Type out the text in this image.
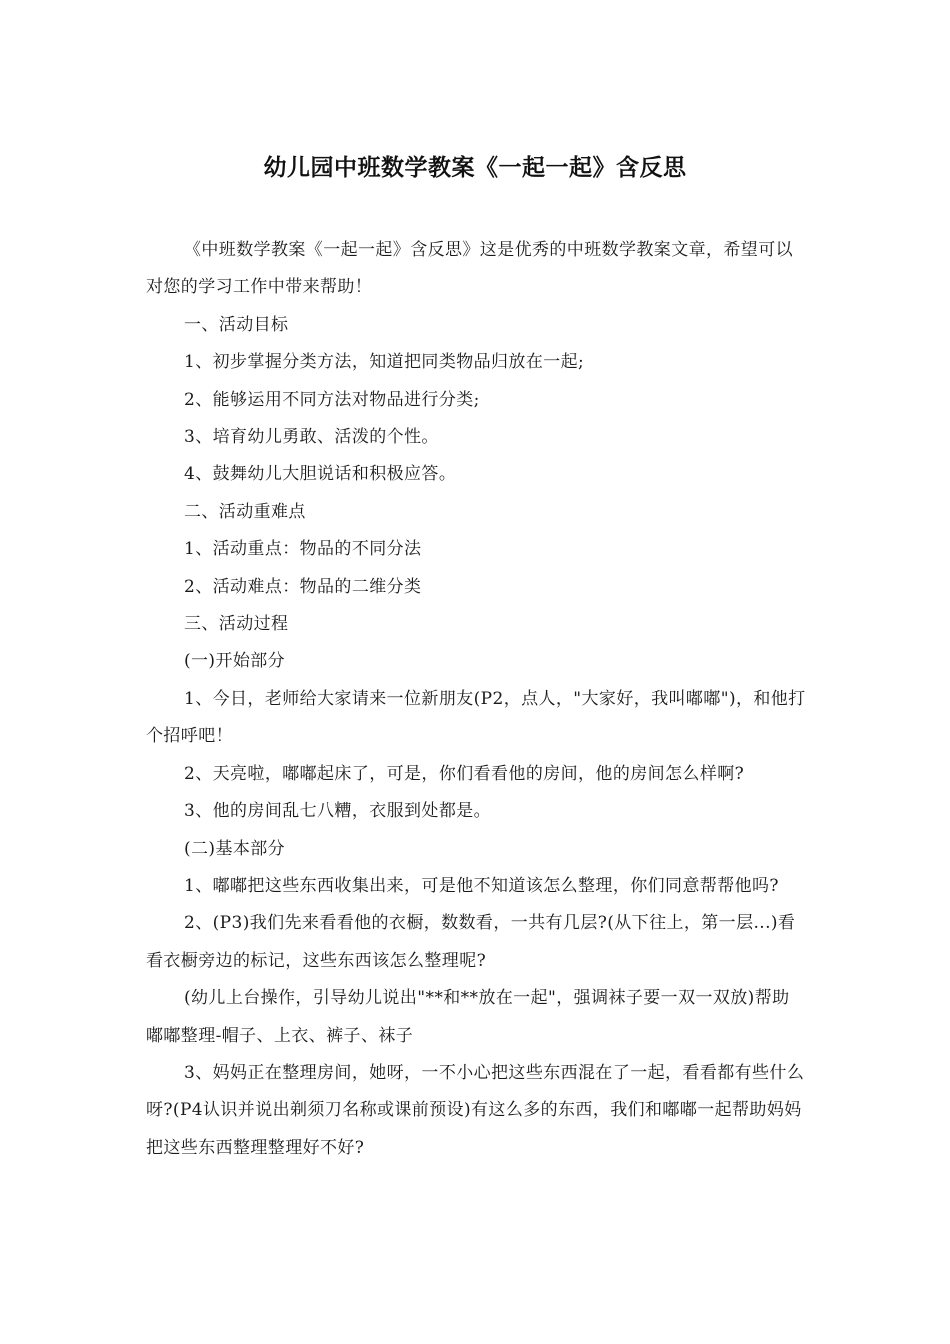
幼儿园中班数学教案《一起一起》含反思

《中班数学教案《一起一起》含反思》这是优秀的中班数学教案文章，希望可以对您的学习工作中带来帮助！

一、活动目标

1、初步掌握分类方法，知道把同类物品归放在一起;

2、能够运用不同方法对物品进行分类;

3、培育幼儿勇敢、活泼的个性。

4、鼓舞幼儿大胆说话和积极应答。

二、活动重难点

1、活动重点：物品的不同分法

2、活动难点：物品的二维分类

三、活动过程

(一)开始部分

1、今日，老师给大家请来一位新朋友(P2，点人，"大家好，我叫嘟嘟")，和他打个招呼吧！

2、天亮啦，嘟嘟起床了，可是，你们看看他的房间，他的房间怎么样啊?

3、他的房间乱七八糟，衣服到处都是。

(二)基本部分

1、嘟嘟把这些东西收集出来，可是他不知道该怎么整理，你们同意帮帮他吗?

2、(P3)我们先来看看他的衣橱，数数看，一共有几层?(从下往上，第一层...)看看衣橱旁边的标记，这些东西该怎么整理呢?

(幼儿上台操作，引导幼儿说出"**和**放在一起"，强调袜子要一双一双放)帮助嘟嘟整理-帽子、上衣、裤子、袜子

3、妈妈正在整理房间，她呀，一不小心把这些东西混在了一起，看看都有些什么呀?(P4认识并说出剃须刀名称或课前预设)有这么多的东西，我们和嘟嘟一起帮助妈妈把这些东西整理整理好不好?
